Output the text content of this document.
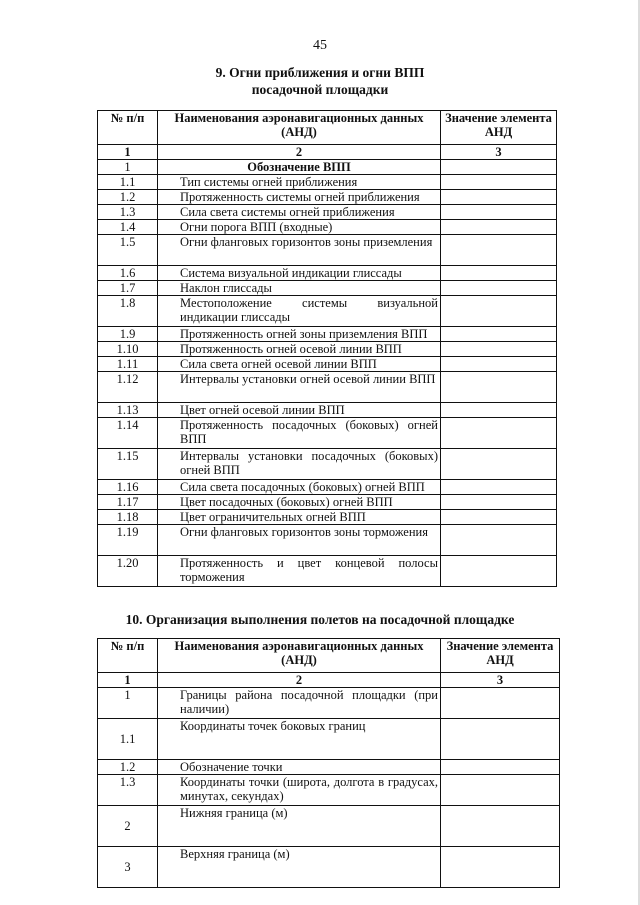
45
9. Огни приближения и огни ВПП
посадочной площадки
№ п/п	Наименования аэронавигационных данных (АНД)	Значение элемента АНД
1	2	3
1	Обозначение ВПП	
1.1	Тип системы огней приближения	
1.2	Протяженность системы огней приближения	
1.3	Сила света системы огней приближения	
1.4	Огни порога ВПП (входные)	
1.5	Огни фланговых горизонтов зоны приземления	
1.6	Система визуальной индикации глиссады	
1.7	Наклон глиссады	
1.8	Местоположение системы визуальной индикации глиссады	
1.9	Протяженность огней зоны приземления ВПП	
1.10	Протяженность огней осевой линии ВПП	
1.11	Сила света огней осевой линии ВПП	
1.12	Интервалы установки огней осевой линии ВПП	
1.13	Цвет огней осевой линии ВПП	
1.14	Протяженность посадочных (боковых) огней ВПП	
1.15	Интервалы установки посадочных (боковых) огней ВПП	
1.16	Сила света посадочных (боковых) огней ВПП	
1.17	Цвет посадочных (боковых) огней ВПП	
1.18	Цвет ограничительных огней ВПП	
1.19	Огни фланговых горизонтов зоны торможения	
1.20	Протяженность и цвет концевой полосы торможения	
10. Организация выполнения полетов на посадочной площадке
№ п/п	Наименования аэронавигационных данных (АНД)	Значение элемента АНД
1	2	3
1	Границы района посадочной площадки (при наличии)	
1.1	Координаты точек боковых границ	
1.2	Обозначение точки	
1.3	Координаты точки (широта, долгота в градусах, минутах, секундах)	
2	Нижняя граница (м)	
3	Верхняя граница (м)	
